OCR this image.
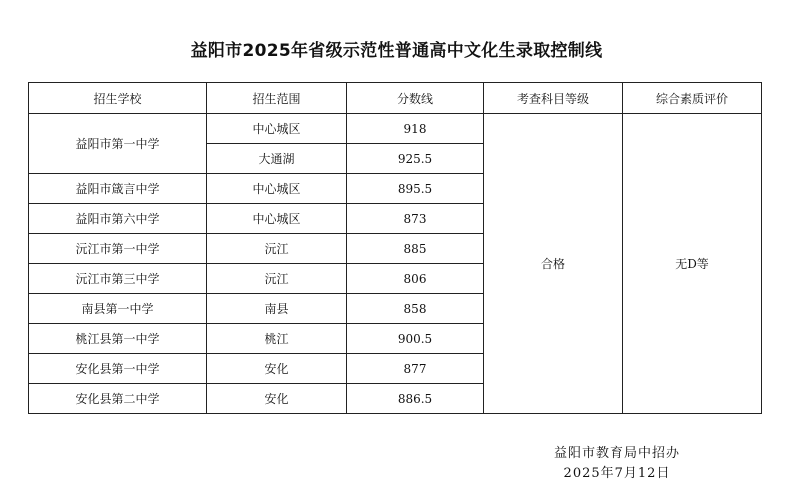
益阳市2025年省级示范性普通高中文化生录取控制线
招生学校	招生范围	分数线	考查科目等级	综合素质评价
益阳市第一中学	中心城区	918	合格	无D等
	大通湖	925.5		
益阳市箴言中学	中心城区	895.5		
益阳市第六中学	中心城区	873		
沅江市第一中学	沅江	885		
沅江市第三中学	沅江	806		
南县第一中学	南县	858		
桃江县第一中学	桃江	900.5		
安化县第一中学	安化	877		
安化县第二中学	安化	886.5		
益阳市教育局中招办
2025年7月12日
